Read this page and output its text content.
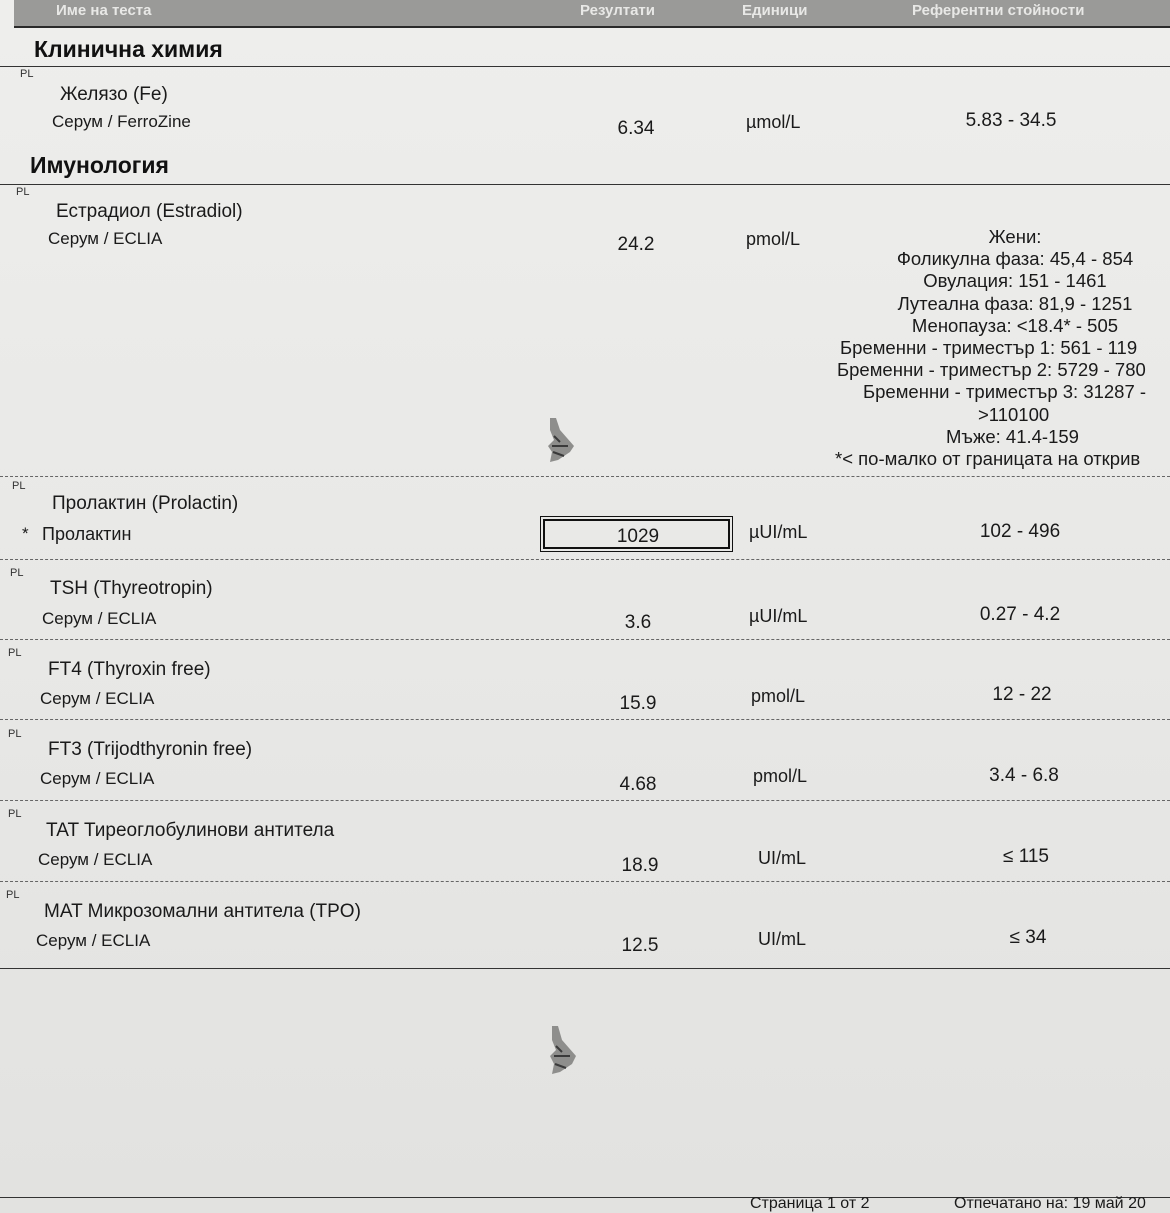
Име на теста	Резултати	Единици	Референтни стойности
Клинична химия
PL
Желязо (Fe)
Серум / FerroZine	6.34	µmol/L	5.83 - 34.5
Имунология
PL
Естрадиол (Estradiol)
Серум / ECLIA	24.2	pmol/L	Жени:
Фоликулна фаза: 45,4 - 854
Овулация: 151 - 1461
Лутеална фаза: 81,9 - 1251
Менопауза: <18.4* - 505
Бременни - триместър 1: 561 - 119
Бременни - триместър 2: 5729 - 780
Бременни - триместър 3: 31287 -
>110100
Мъже: 41.4-159
*< по-малко от границата на открив
PL
Пролактин (Prolactin)
* Пролактин	1029	µUI/mL	102 - 496
PL
TSH (Thyreotropin)
Серум / ECLIA	3.6	µUI/mL	0.27 - 4.2
PL
FT4 (Thyroxin free)
Серум / ECLIA	15.9	pmol/L	12 - 22
PL
FT3 (Trijodthyronin free)
Серум / ECLIA	4.68	pmol/L	3.4 - 6.8
PL
TAT Тиреоглобулинови антитела
Серум / ECLIA	18.9	UI/mL	≤ 115
PL
MAT Микрозомални антитела (TPO)
Серум / ECLIA	12.5	UI/mL	≤ 34
Страница 1 от 2	Отпечатано на: 19 май 20
